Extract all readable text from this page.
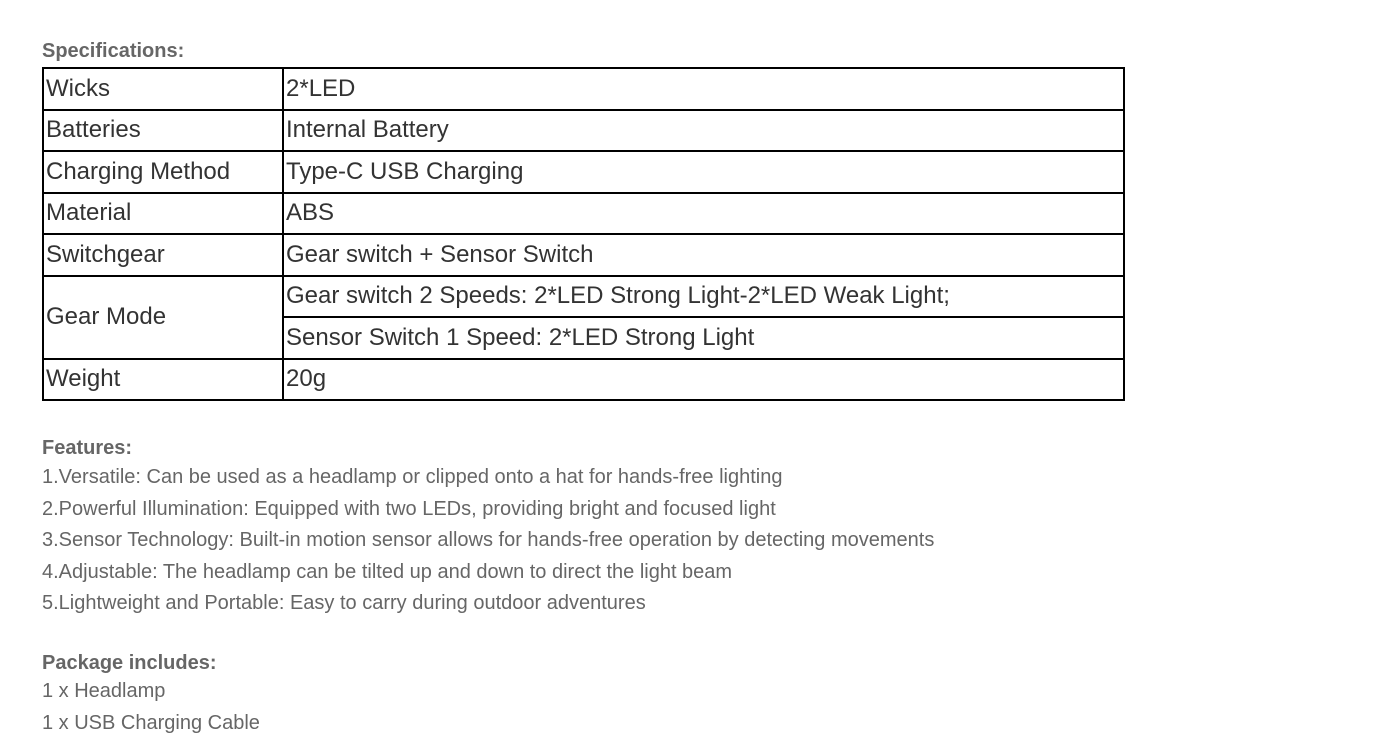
Specifications:
Wicks	2*LED
Batteries	Internal Battery
Charging Method	Type-C USB Charging
Material	ABS
Switchgear	Gear switch + Sensor Switch
Gear Mode	Gear switch 2 Speeds: 2*LED Strong Light-2*LED Weak Light;
	Sensor Switch 1 Speed: 2*LED Strong Light
Weight	20g
Features:
1.Versatile: Can be used as a headlamp or clipped onto a hat for hands-free lighting
2.Powerful Illumination: Equipped with two LEDs, providing bright and focused light
3.Sensor Technology: Built-in motion sensor allows for hands-free operation by detecting movements
4.Adjustable: The headlamp can be tilted up and down to direct the light beam
5.Lightweight and Portable: Easy to carry during outdoor adventures
Package includes:
1 x Headlamp
1 x USB Charging Cable
